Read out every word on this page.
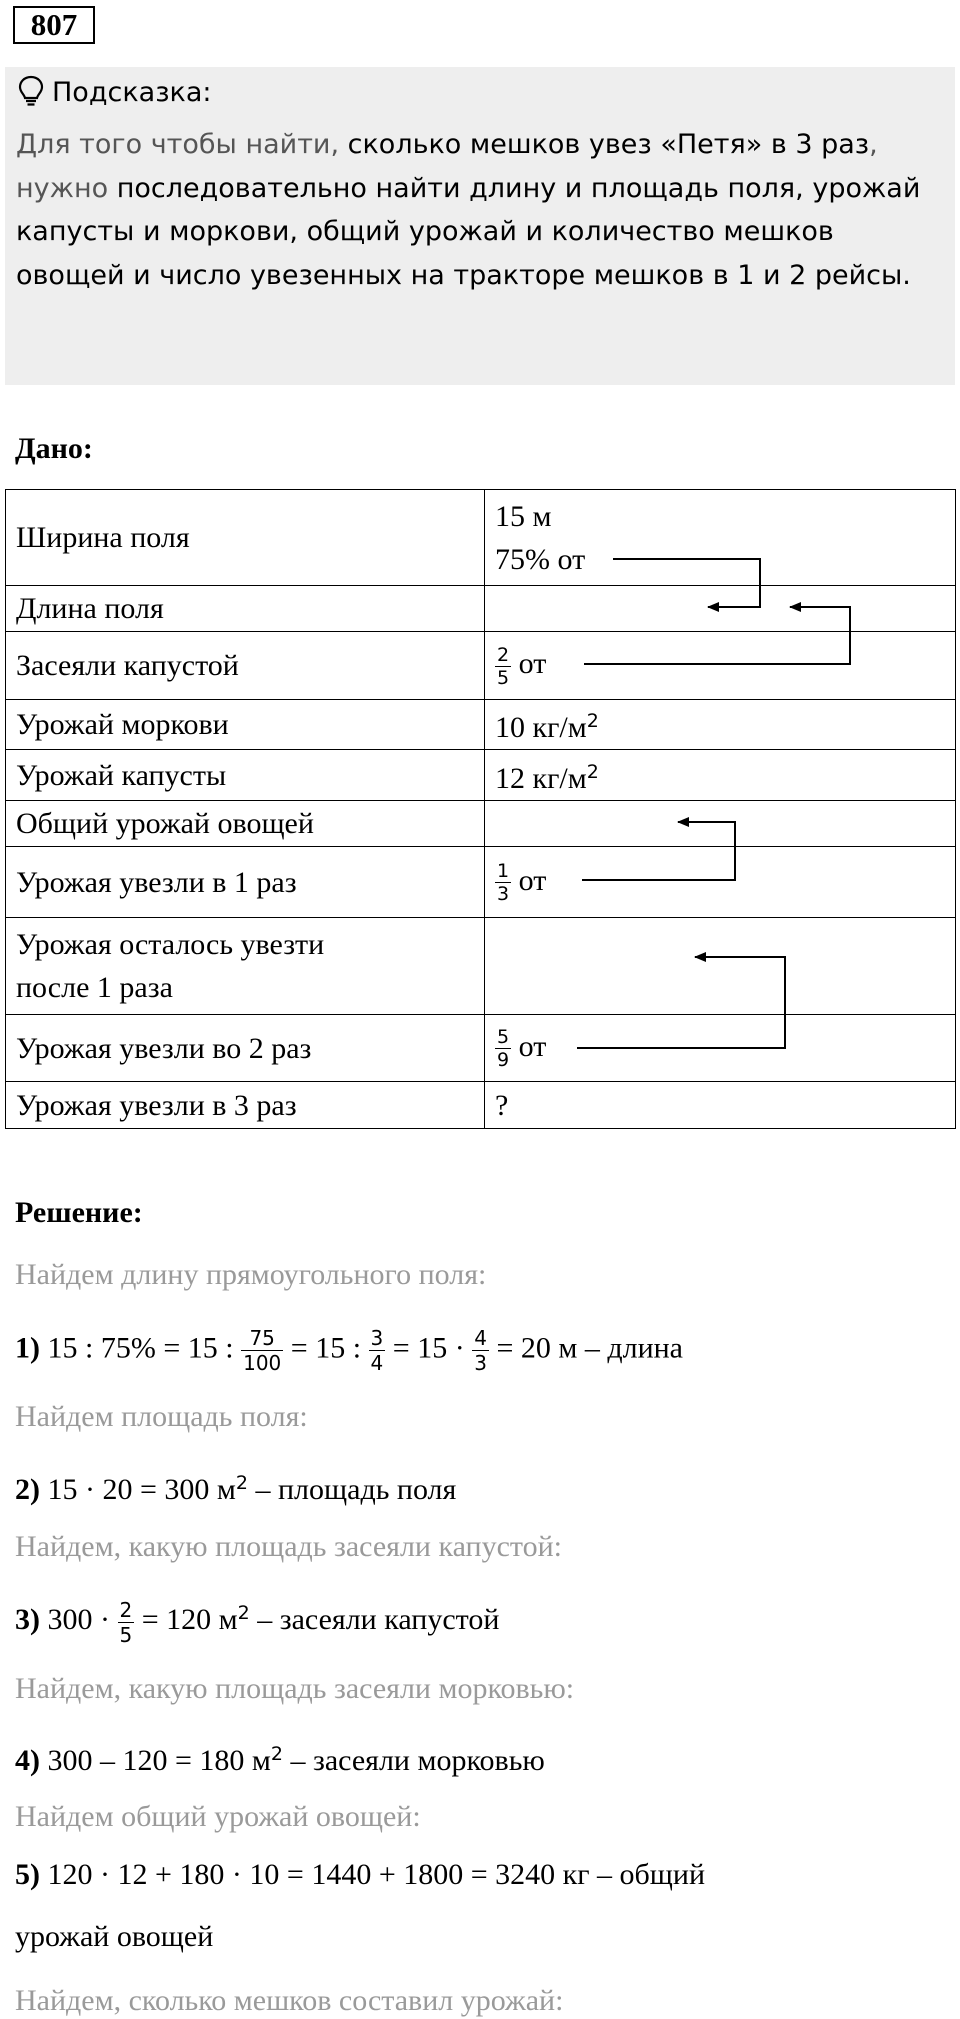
807
Подсказка:
Для того чтобы найти, сколько мешков увез «Петя» в 3 раз, нужно последовательно найти длину и площадь поля, урожай капусты и моркови, общий урожай и количество мешков овощей и число увезенных на тракторе мешков в 1 и 2 рейсы.
Дано:
Ширина поля	15 м
75% от

Длина поля	
Засеяли капустой	$\frac{2}{5}$ от
Урожай моркови	10 $кг/м^2$
Урожай капусты	12 $кг/м^2$
Общий урожай овощей	
Урожая увезли в 1 раз	$\frac{1}{3}$ от

Урожая осталось увезти
после 1 раза	

Урожая увезли во 2 раз	$\frac{5}{9}$ от
Урожая увезли в 3 раз	?
Решение:
Найдем длину прямоугольного поля:
1) 15 : 75% = 15 : $\frac{75}{100} = 15$ : $\frac{3}{4} = 15 \cdot \frac{4}{3} = 20$ м – длина
Найдем площадь поля:
2) 15 · 20 = 300 $м^2$ – площадь поля
Найдем, какую площадь засеяли капустой:
3) $300 \cdot \frac{2}{5} = 120$ $м^2$ – засеяли капустой
Найдем, какую площадь засеяли морковью:
4) 300 – 120 = 180 $м^2$ – засеяли морковью
Найдем общий урожай овощей:
5) 120 · 12 + 180 · 10 = 1440 + 1800 = 3240 кг – общий
урожай овощей
Найдем, сколько мешков составил урожай:
